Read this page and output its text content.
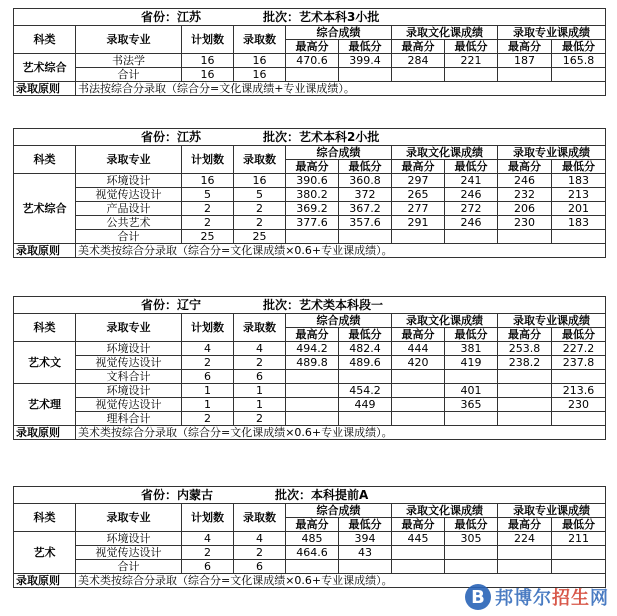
省份：江苏 批次：艺术本科3小批									
科类	录取专业	计划数	录取数	综合成绩		录取文化课成绩		录取专业课成绩	
				最高分	最低分	最高分	最低分	最高分	最低分
艺术综合	书法学	16	16	470.6	399.4	284	221	187	165.8
	合计	16	16						
录取原则	书法按综合分录取（综合分=文化课成绩+专业课成绩）。								
省份：江苏 批次：艺术本科2小批									
科类	录取专业	计划数	录取数	综合成绩		录取文化课成绩		录取专业课成绩	
				最高分	最低分	最高分	最低分	最高分	最低分
艺术综合	环境设计	16	16	390.6	360.8	297	241	246	183
	视觉传达设计	5	5	380.2	372	265	246	232	213
	产品设计	2	2	369.2	367.2	277	272	206	201
	公共艺术	2	2	377.6	357.6	291	246	230	183
	合计	25	25						
录取原则	美术类按综合分录取（综合分=文化课成绩×0.6+专业课成绩）。								
省份：辽宁 批次：艺术类本科段一									
科类	录取专业	计划数	录取数	综合成绩		录取文化课成绩		录取专业课成绩	
				最高分	最低分	最高分	最低分	最高分	最低分
艺术文	环境设计	4	4	494.2	482.4	444	381	253.8	227.2
	视觉传达设计	2	2	489.8	489.6	420	419	238.2	237.8
	文科合计	6	6						
艺术理	环境设计	1	1		454.2		401		213.6
	视觉传达设计	1	1		449		365		230
	理科合计	2	2						
录取原则	美术类按综合分录取（综合分=文化课成绩×0.6+专业课成绩）。								
省份：内蒙古 批次：本科提前A									
科类	录取专业	计划数	录取数	综合成绩		录取文化课成绩		录取专业课成绩	
				最高分	最低分	最高分	最低分	最高分	最低分
艺术	环境设计	4	4	485	394	445	305	224	211
	视觉传达设计	2	2	464.6	43				
	合计	6	6						
录取原则	美术类按综合分录取（综合分=文化课成绩×0.6+专业课成绩）。								
B 邦博尔招生网
